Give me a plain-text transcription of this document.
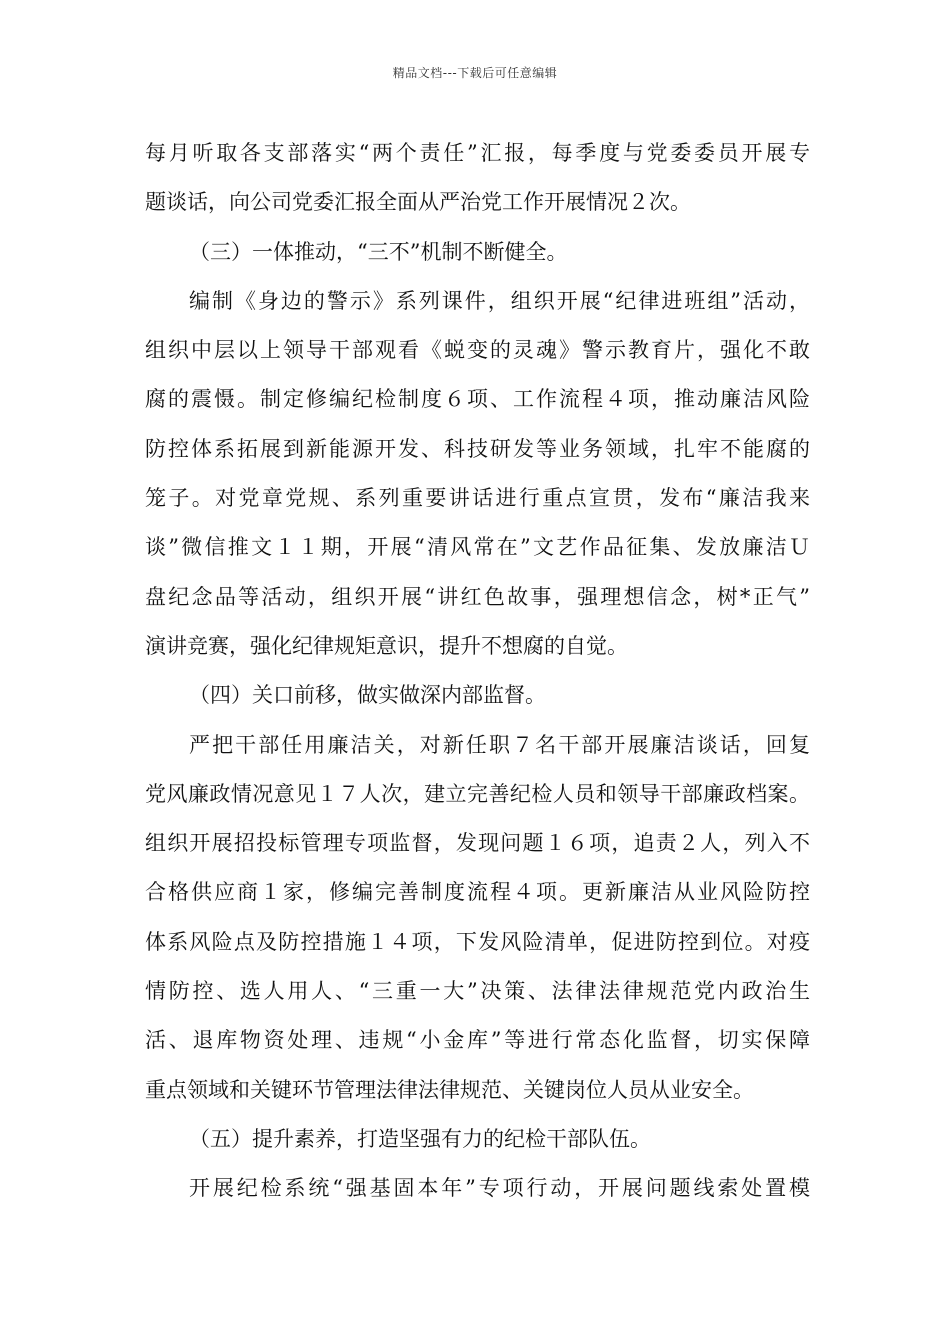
精品文档---下载后可任意编辑
每月听取各支部落实“两个责任”汇报，每季度与党委委员开展专
题谈话，向公司党委汇报全面从严治党工作开展情况２次。
（三）一体推动，“三不”机制不断健全。
编制《身边的警示》系列课件，组织开展“纪律进班组”活动，
组织中层以上领导干部观看《蜕变的灵魂》警示教育片，强化不敢
腐的震慑。制定修编纪检制度６项、工作流程４项，推动廉洁风险
防控体系拓展到新能源开发、科技研发等业务领域，扎牢不能腐的
笼子。对党章党规、系列重要讲话进行重点宣贯，发布“廉洁我来
谈”微信推文１１期，开展“清风常在”文艺作品征集、发放廉洁Ｕ
盘纪念品等活动，组织开展“讲红色故事，强理想信念，树*正气”
演讲竞赛，强化纪律规矩意识，提升不想腐的自觉。
（四）关口前移，做实做深内部监督。
严把干部任用廉洁关，对新任职７名干部开展廉洁谈话，回复
党风廉政情况意见１７人次，建立完善纪检人员和领导干部廉政档案。
组织开展招投标管理专项监督，发现问题１６项，追责２人，列入不
合格供应商１家，修编完善制度流程４项。更新廉洁从业风险防控
体系风险点及防控措施１４项，下发风险清单，促进防控到位。对疫
情防控、选人用人、“三重一大”决策、法律法律规范党内政治生
活、退库物资处理、违规“小金库”等进行常态化监督，切实保障
重点领域和关键环节管理法律法律规范、关键岗位人员从业安全。
（五）提升素养，打造坚强有力的纪检干部队伍。
开展纪检系统“强基固本年”专项行动，开展问题线索处置模
